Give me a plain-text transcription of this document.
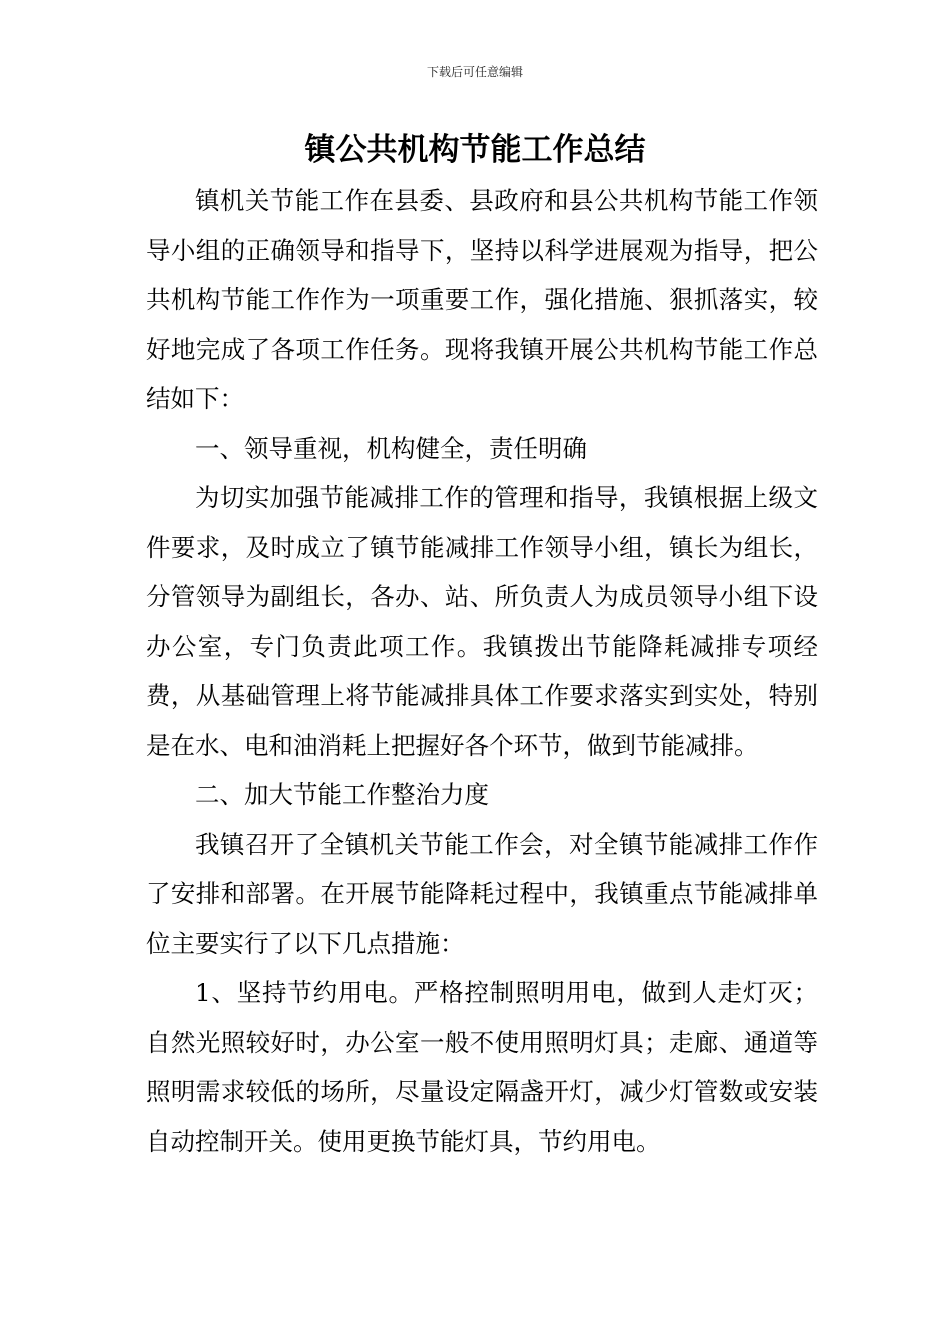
下载后可任意编辑
镇公共机构节能工作总结

镇机关节能工作在县委、县政府和县公共机构节能工作领导小组的正确领导和指导下，坚持以科学进展观为指导，把公共机构节能工作作为一项重要工作，强化措施、狠抓落实，较好地完成了各项工作任务。现将我镇开展公共机构节能工作总结如下：

一、领导重视，机构健全，责任明确

为切实加强节能减排工作的管理和指导，我镇根据上级文件要求，及时成立了镇节能减排工作领导小组，镇长为组长，分管领导为副组长，各办、站、所负责人为成员领导小组下设办公室，专门负责此项工作。我镇拨出节能降耗减排专项经费，从基础管理上将节能减排具体工作要求落实到实处，特别是在水、电和油消耗上把握好各个环节，做到节能减排。

二、加大节能工作整治力度

我镇召开了全镇机关节能工作会，对全镇节能减排工作作了安排和部署。在开展节能降耗过程中，我镇重点节能减排单位主要实行了以下几点措施：

1、坚持节约用电。严格控制照明用电，做到人走灯灭；自然光照较好时，办公室一般不使用照明灯具；走廊、通道等照明需求较低的场所，尽量设定隔盏开灯，减少灯管数或安装自动控制开关。使用更换节能灯具，节约用电。
